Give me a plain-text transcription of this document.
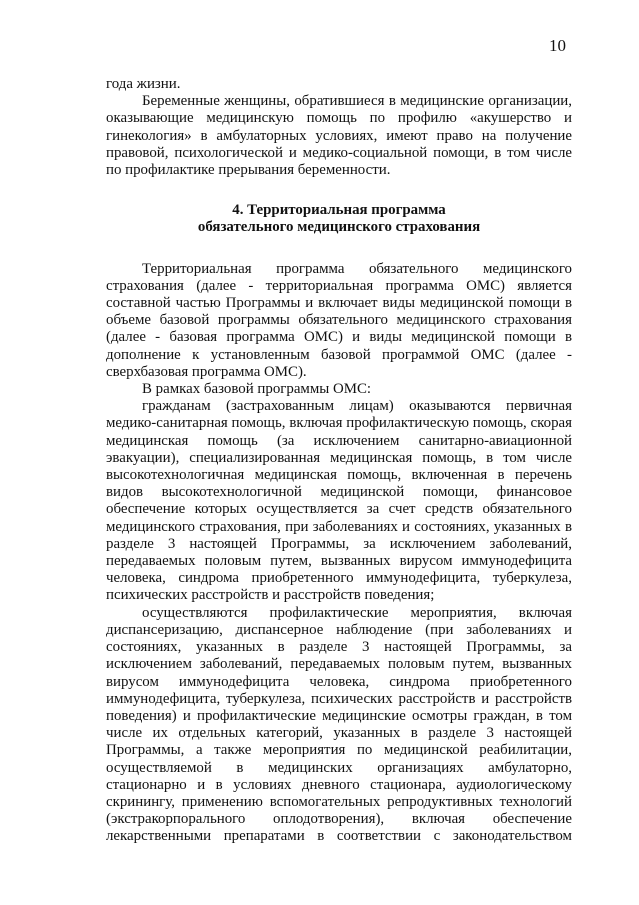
10

года жизни.

Беременные женщины, обратившиеся в медицинские организации, оказывающие медицинскую помощь по профилю «акушерство и гинекология» в амбулаторных условиях, имеют право на получение правовой, психологической и медико-социальной помощи, в том числе по профилактике прерывания беременности.

4. Территориальная программа
обязательного медицинского страхования

Территориальная программа обязательного медицинского страхования (далее - территориальная программа ОМС) является составной частью Программы и включает виды медицинской помощи в объеме базовой программы обязательного медицинского страхования (далее - базовая программа ОМС) и виды медицинской помощи в дополнение к установленным базовой программой ОМС (далее - сверхбазовая программа ОМС).

В рамках базовой программы ОМС:

гражданам (застрахованным лицам) оказываются первичная медико-санитарная помощь, включая профилактическую помощь, скорая медицинская помощь (за исключением санитарно-авиационной эвакуации), специализированная медицинская помощь, в том числе высокотехнологичная медицинская помощь, включенная в перечень видов высокотехнологичной медицинской помощи, финансовое обеспечение которых осуществляется за счет средств обязательного медицинского страхования, при заболеваниях и состояниях, указанных в разделе 3 настоящей Программы, за исключением заболеваний, передаваемых половым путем, вызванных вирусом иммунодефицита человека, синдрома приобретенного иммунодефицита, туберкулеза, психических расстройств и расстройств поведения;

осуществляются профилактические мероприятия, включая диспансеризацию, диспансерное наблюдение (при заболеваниях и состояниях, указанных в разделе 3 настоящей Программы, за исключением заболеваний, передаваемых половым путем, вызванных вирусом иммунодефицита человека, синдрома приобретенного иммунодефицита, туберкулеза, психических расстройств и расстройств поведения) и профилактические медицинские осмотры граждан, в том числе их отдельных категорий, указанных в разделе 3 настоящей Программы, а также мероприятия по медицинской реабилитации, осуществляемой в медицинских организациях амбулаторно, стационарно и в условиях дневного стационара, аудиологическому скринингу, применению вспомогательных репродуктивных технологий (экстракорпорального оплодотворения), включая обеспечение лекарственными препаратами в соответствии с законодательством
